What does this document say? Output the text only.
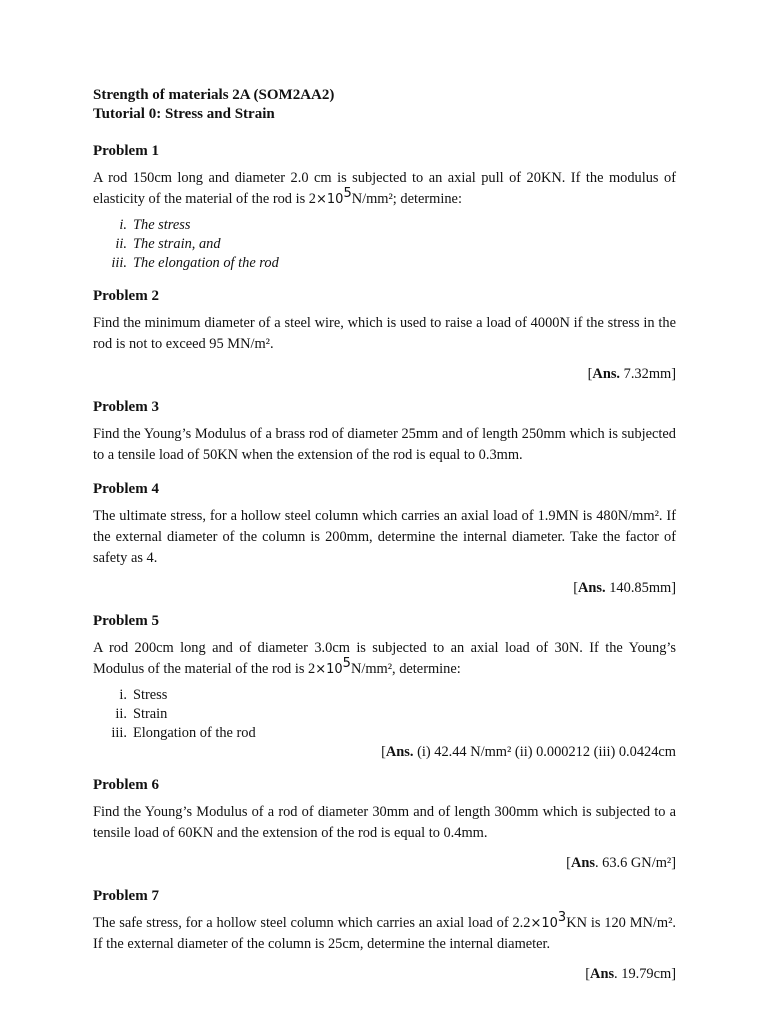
Strength of materials 2A (SOM2AA2)

Tutorial 0: Stress and Strain

Problem 1

A rod 150cm long and diameter 2.0 cm is subjected to an axial pull of 20KN. If the modulus of elasticity of the material of the rod is $2\times 10^5N$/mm²; determine:

i. The stress
ii. The strain, and
iii. The elongation of the rod

Problem 2

Find the minimum diameter of a steel wire, which is used to raise a load of 4000N if the stress in the rod is not to exceed 95 MN/m².

[Ans. 7.32mm]

Problem 3

Find the Young’s Modulus of a brass rod of diameter 25mm and of length 250mm which is subjected to a tensile load of 50KN when the extension of the rod is equal to 0.3mm.

Problem 4

The ultimate stress, for a hollow steel column which carries an axial load of 1.9MN is 480N/mm². If the external diameter of the column is 200mm, determine the internal diameter. Take the factor of safety as 4.

[Ans. 140.85mm]

Problem 5

A rod 200cm long and of diameter 3.0cm is subjected to an axial load of 30N. If the Young’s Modulus of the material of the rod is $2\times 10^5N$/mm², determine:

i. Stress
ii. Strain
iii. Elongation of the rod

[Ans. (i) 42.44 N/mm² (ii) 0.000212 (iii) 0.0424cm

Problem 6

Find the Young’s Modulus of a rod of diameter 30mm and of length 300mm which is subjected to a tensile load of 60KN and the extension of the rod is equal to 0.4mm.

[Ans. 63.6 GN/m²]

Problem 7

The safe stress, for a hollow steel column which carries an axial load of $2.2\times 10^3KN$ is 120 MN/m². If the external diameter of the column is 25cm, determine the internal diameter.

[Ans. 19.79cm]
